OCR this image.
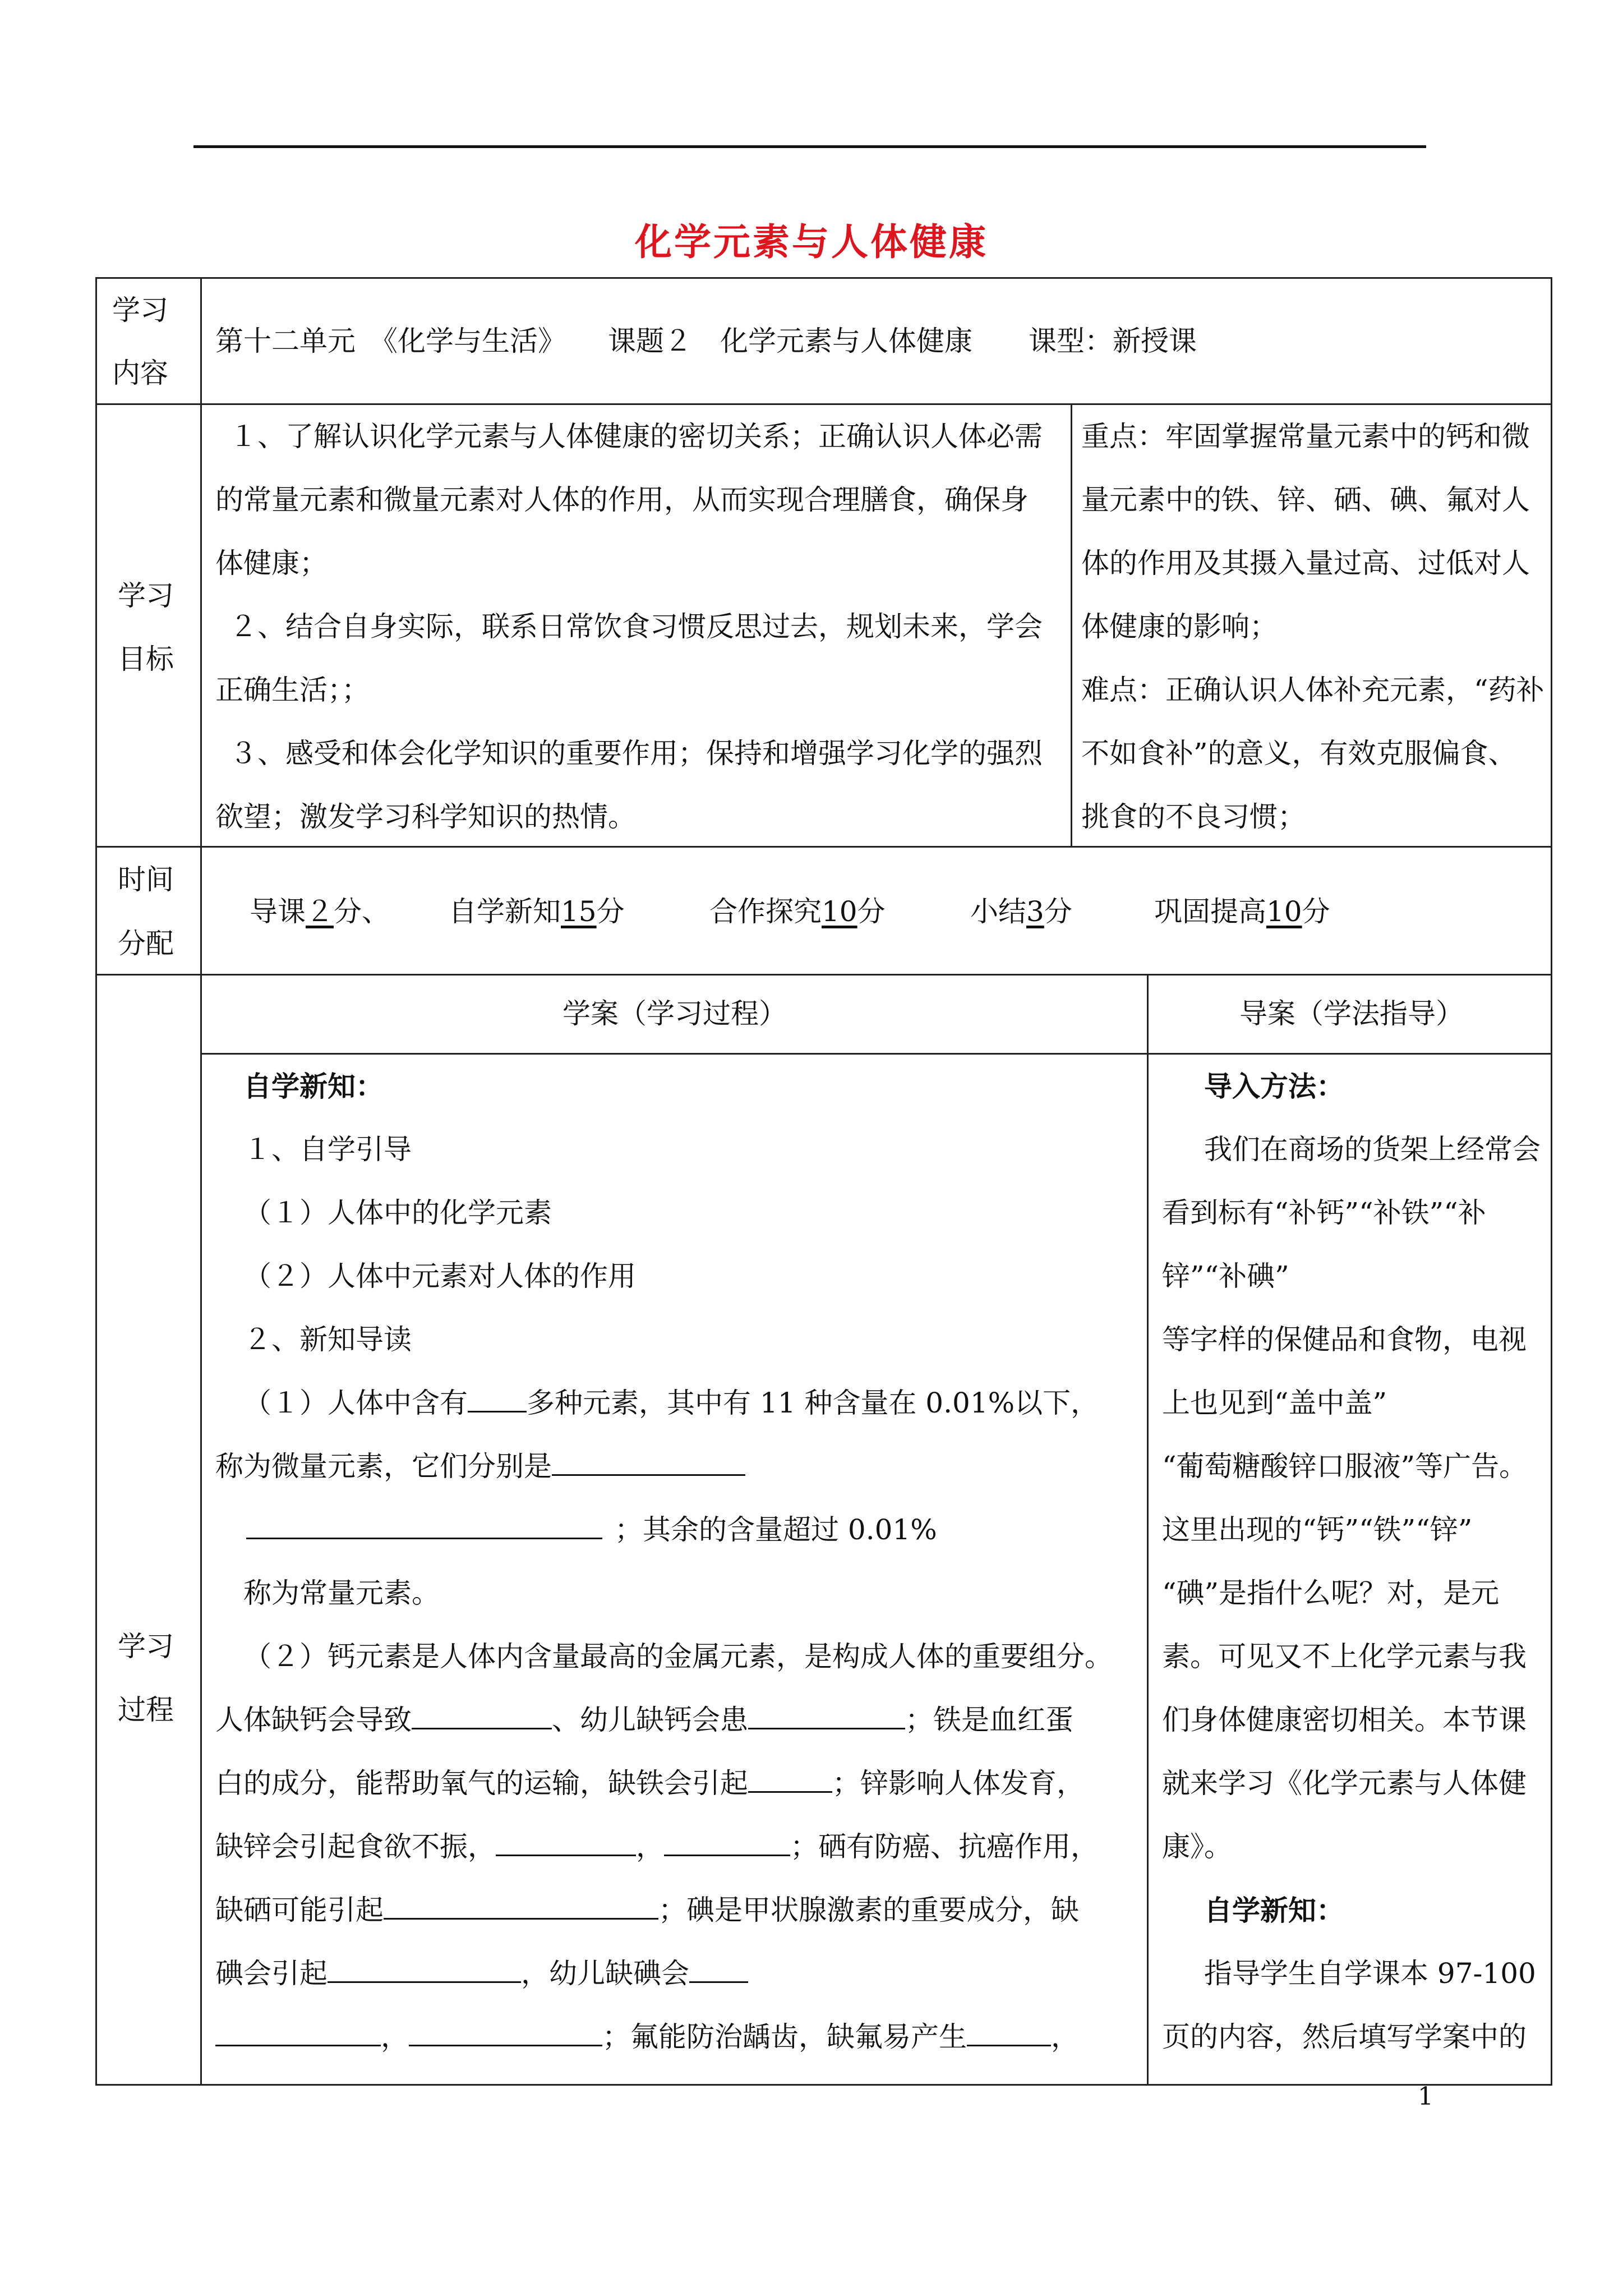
化学元素与人体健康
学习
内容
第十二单元　《化学与生活》　　课题２　化学元素与人体健康　　课型：新授课
学习
目标
１、了解认识化学元素与人体健康的密切关系；正确认识人体必需
的常量元素和微量元素对人体的作用，从而实现合理膳食，确保身
体健康；
２、结合自身实际，联系日常饮食习惯反思过去，规划未来，学会
正确生活；；
３、感受和体会化学知识的重要作用；保持和增强学习化学的强烈
欲望；激发学习科学知识的热情。
重点：牢固掌握常量元素中的钙和微
量元素中的铁、锌、硒、碘、氟对人
体的作用及其摄入量过高、过低对人
体健康的影响；
难点：正确认识人体补充元素，“药补
不如食补”的意义，有效克服偏食、
挑食的不良习惯；
时间
分配
导课２分、 自学新知15分	合作探究10分	小结3分	巩固提高10分
学习
过程
学案（学习过程）	导案（学法指导）
自学新知：
１、自学引导
（１）人体中的化学元素
（２）人体中元素对人体的作用
２、新知导读
（１）人体中含有 多种元素，其中有 11 种含量在 0.01%以下，
称为微量元素，它们分别是
；其余的含量超过 0.01%
称为常量元素。
（２）钙元素是人体内含量最高的金属元素，是构成人体的重要组分。
人体缺钙会导致	、幼儿缺钙会患	；铁是血红蛋
白的成分，能帮助氧气的运输，缺铁会引起	；锌影响人体发育，
缺锌会引起食欲不振，	，	；硒有防癌、抗癌作用，
缺硒可能引起	；碘是甲状腺激素的重要成分，缺
碘会引起	，幼儿缺碘会
，	；氟能防治龋齿，缺氟易产生	，
导入方法：
我们在商场的货架上经常会
看到标有“补钙”“补铁”“补
锌”“补碘”
等字样的保健品和食物，电视
上也见到“盖中盖”
“葡萄糖酸锌口服液”等广告。
这里出现的“钙”“铁”“锌”
“碘”是指什么呢？对，是元
素。可见又不上化学元素与我
们身体健康密切相关。本节课
就来学习《化学元素与人体健
康》。
自学新知：
指导学生自学课本 97-100
页的内容，然后填写学案中的
1
